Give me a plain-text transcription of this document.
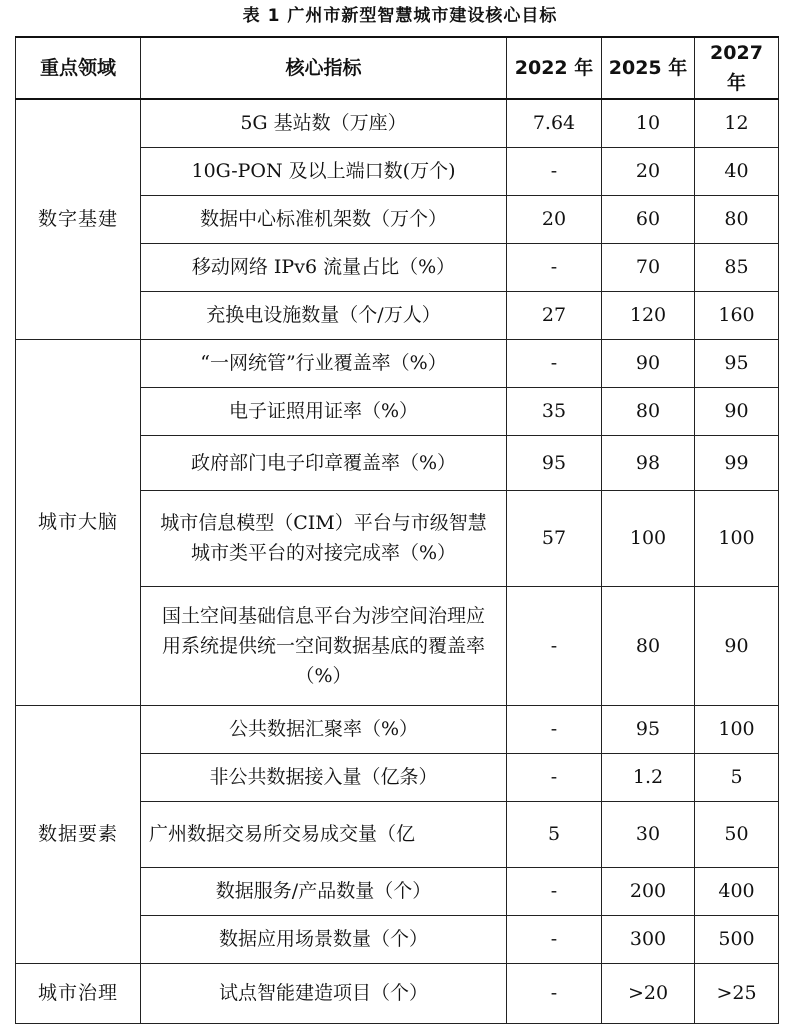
表 1 广州市新型智慧城市建设核心目标
重点领域	核心指标	2022 年	2025 年	2027 年
数字基建	5G 基站数（万座）	7.64	10	12
	10G-PON 及以上端口数(万个)	-	20	40
	数据中心标准机架数（万个）	20	60	80
	移动网络 IPv6 流量占比（%）	-	70	85
	充换电设施数量（个/万人）	27	120	160
城市大脑	“一网统管”行业覆盖率（%）	-	90	95
	电子证照用证率（%）	35	80	90
	政府部门电子印章覆盖率（%）	95	98	99
	城市信息模型（CIM）平台与市级智慧城市类平台的对接完成率（%）	57	100	100
	国土空间基础信息平台为涉空间治理应用系统提供统一空间数据基底的覆盖率（%）	-	80	90
数据要素	公共数据汇聚率（%）	-	95	100
	非公共数据接入量（亿条）	-	1.2	5
	广州数据交易所交易成交量（亿	5	30	50
	数据服务/产品数量（个）	-	200	400
	数据应用场景数量（个）	-	300	500
城市治理	试点智能建造项目（个）	-	>20	>25
